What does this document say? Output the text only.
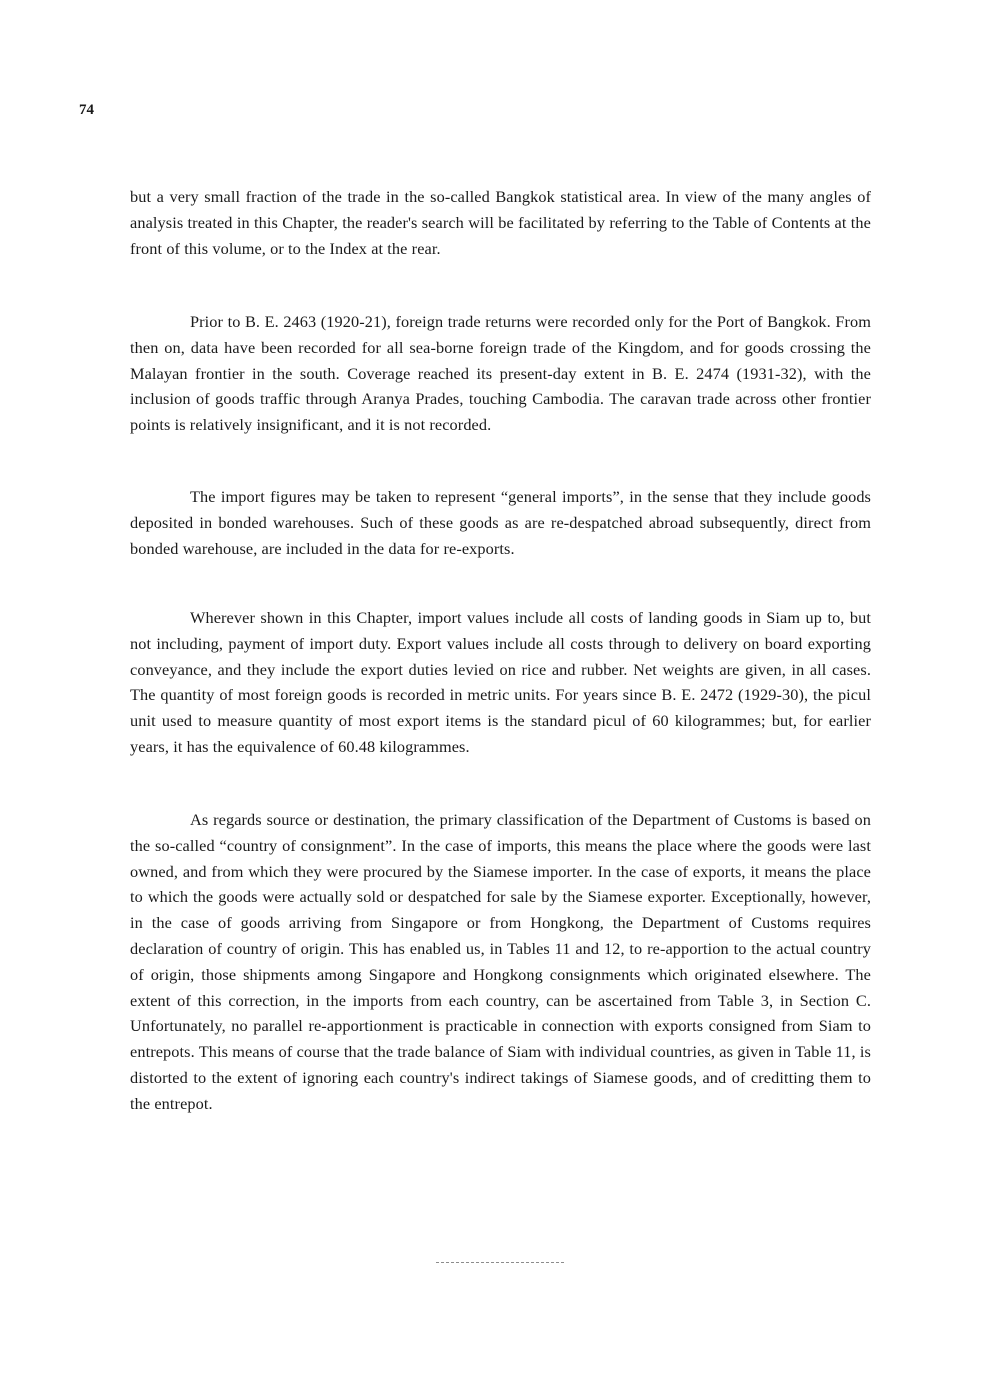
74

but a very small fraction of the trade in the so-called Bangkok statistical area. In view of the many angles of analysis treated in this Chapter, the reader's search will be facilitated by referring to the Table of Contents at the front of this volume, or to the Index at the rear.

Prior to B. E. 2463 (1920-21), foreign trade returns were recorded only for the Port of Bangkok. From then on, data have been recorded for all sea-borne foreign trade of the Kingdom, and for goods crossing the Malayan frontier in the south. Coverage reached its present-day extent in B. E. 2474 (1931-32), with the inclusion of goods traffic through Aranya Prades, touching Cambodia. The caravan trade across other frontier points is relatively insignificant, and it is not recorded.

The import figures may be taken to represent “general imports”, in the sense that they include goods deposited in bonded warehouses. Such of these goods as are re-despatched abroad subsequently, direct from bonded warehouse, are included in the data for re-exports.

Wherever shown in this Chapter, import values include all costs of landing goods in Siam up to, but not including, payment of import duty. Export values include all costs through to delivery on board exporting conveyance, and they include the export duties levied on rice and rubber. Net weights are given, in all cases. The quantity of most foreign goods is recorded in metric units. For years since B. E. 2472 (1929-30), the picul unit used to measure quantity of most export items is the standard picul of 60 kilogrammes; but, for earlier years, it has the equivalence of 60.48 kilogrammes.

As regards source or destination, the primary classification of the Department of Customs is based on the so-called “country of consignment”. In the case of imports, this means the place where the goods were last owned, and from which they were procured by the Siamese importer. In the case of exports, it means the place to which the goods were actually sold or despatched for sale by the Siamese exporter. Exceptionally, however, in the case of goods arriving from Singapore or from Hongkong, the Department of Customs requires declaration of country of origin. This has enabled us, in Tables 11 and 12, to re-apportion to the actual country of origin, those shipments among Singapore and Hongkong consignments which originated elsewhere. The extent of this correction, in the imports from each country, can be ascertained from Table 3, in Section C. Unfortunately, no parallel re-apportionment is practicable in connection with exports consigned from Siam to entrepots. This means of course that the trade balance of Siam with individual countries, as given in Table 11, is distorted to the extent of ignoring each country's indirect takings of Siamese goods, and of creditting them to the entrepot.
